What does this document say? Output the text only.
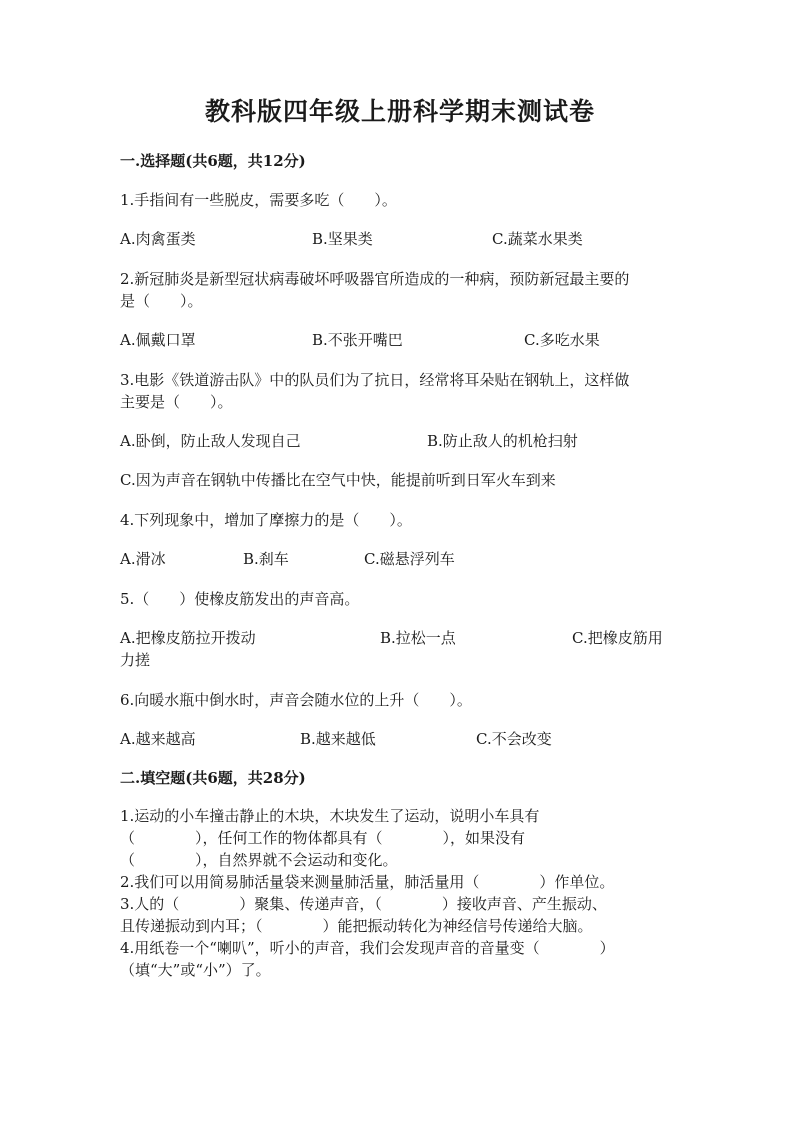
教科版四年级上册科学期末测试卷
一.选择题(共6题，共12分)
1.手指间有一些脱皮，需要多吃（　　）。
A.肉禽蛋类	B.坚果类	C.蔬菜水果类
2.新冠肺炎是新型冠状病毒破坏呼吸器官所造成的一种病，预防新冠最主要的
是（　　）。
A.佩戴口罩	B.不张开嘴巴	C.多吃水果
3.电影《铁道游击队》中的队员们为了抗日，经常将耳朵贴在钢轨上，这样做
主要是（　　）。
A.卧倒，防止敌人发现自己	B.防止敌人的机枪扫射
C.因为声音在钢轨中传播比在空气中快，能提前听到日军火车到来
4.下列现象中，增加了摩擦力的是（　　）。
A.滑冰	B.刹车	C.磁悬浮列车
5.（　　）使橡皮筋发出的声音高。
A.把橡皮筋拉开拨动	B.拉松一点	C.把橡皮筋用
力搓
6.向暖水瓶中倒水时，声音会随水位的上升（　　）。
A.越来越高	B.越来越低	C.不会改变
二.填空题(共6题，共28分)
1.运动的小车撞击静止的木块，木块发生了运动，说明小车具有
（　　　　），任何工作的物体都具有（　　　　），如果没有
（　　　　），自然界就不会运动和变化。
2.我们可以用简易肺活量袋来测量肺活量，肺活量用（　　　　）作单位。
3.人的（　　　　）聚集、传递声音，（　　　　）接收声音、产生振动、
且传递振动到内耳；（　　　　）能把振动转化为神经信号传递给大脑。
4.用纸卷一个“喇叭”，听小的声音，我们会发现声音的音量变（　　　　）
（填“大”或“小”）了。
